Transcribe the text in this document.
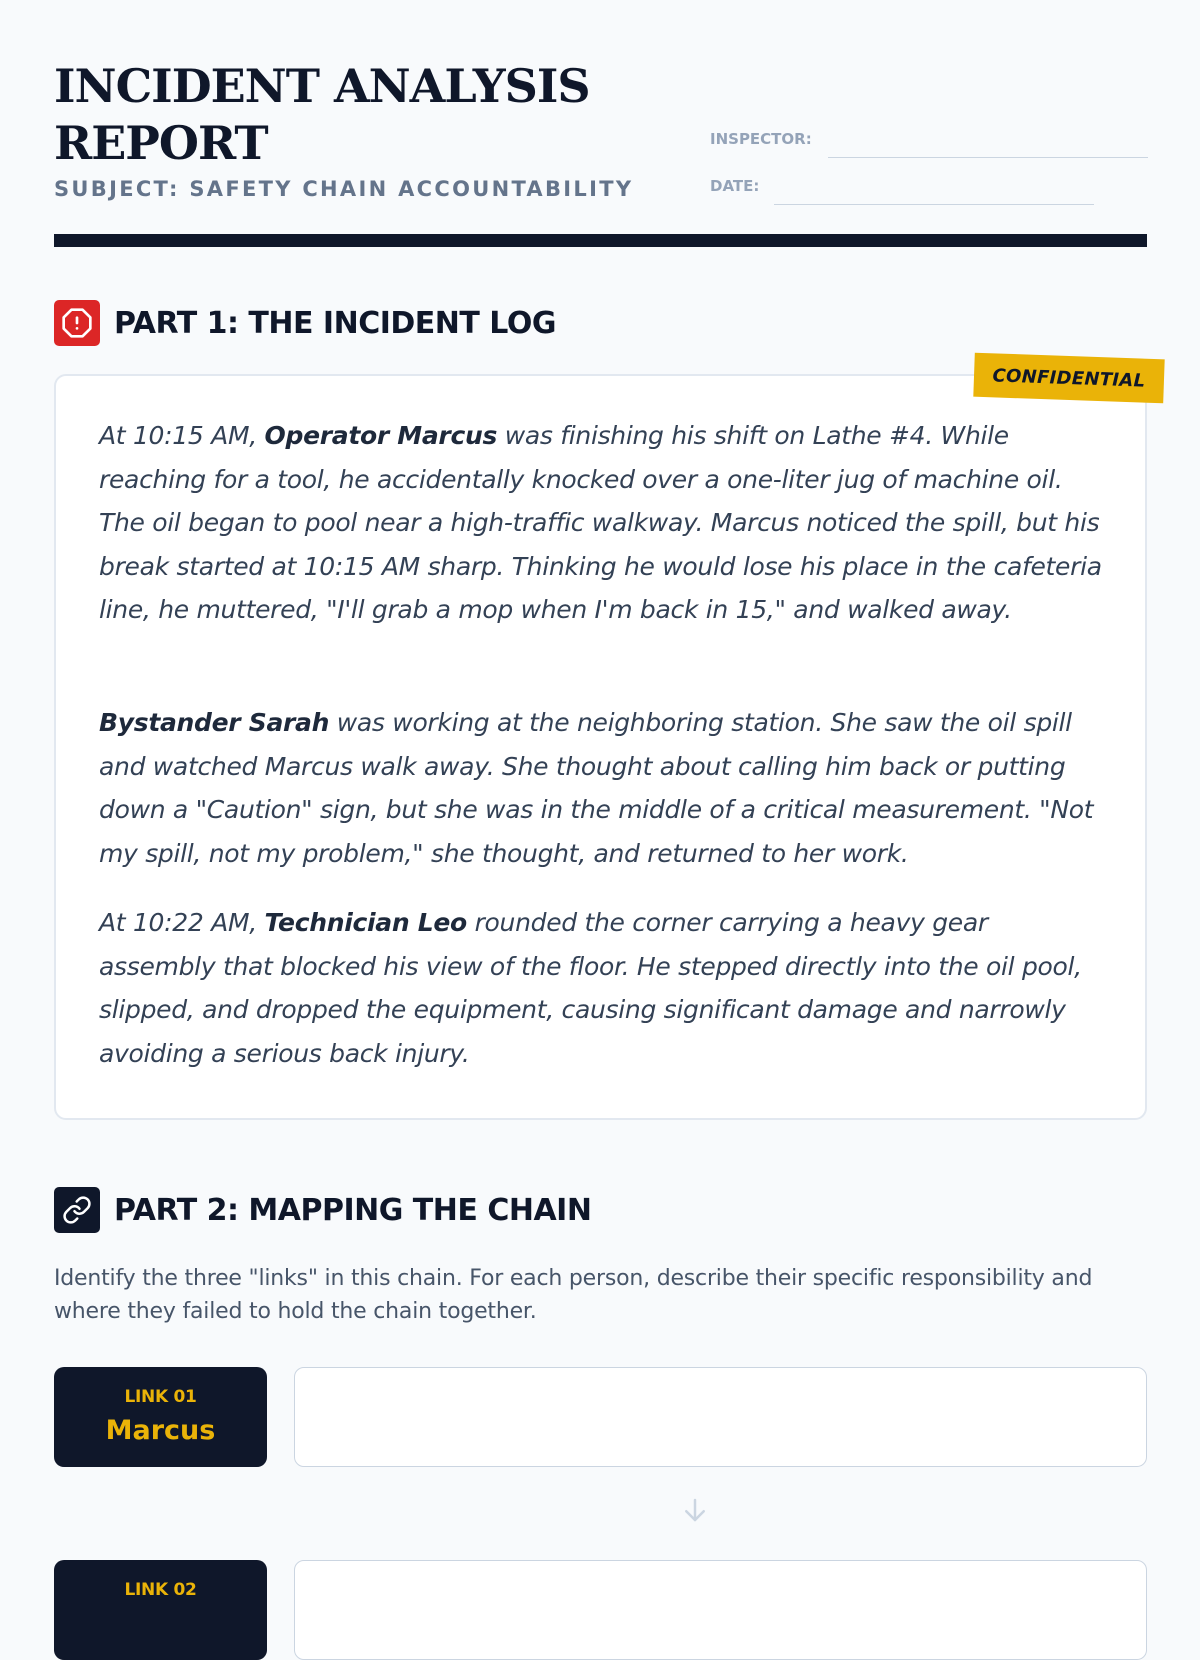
INCIDENT ANALYSIS
REPORT
SUBJECT: SAFETY CHAIN ACCOUNTABILITY
INSPECTOR:
DATE:
PART 1: THE INCIDENT LOG
CONFIDENTIAL

At 10:15 AM, Operator Marcus was finishing his shift on Lathe #4. While reaching for a tool, he accidentally knocked over a one-liter jug of machine oil. The oil began to pool near a high-traffic walkway. Marcus noticed the spill, but his break started at 10:15 AM sharp. Thinking he would lose his place in the cafeteria line, he muttered, "I'll grab a mop when I'm back in 15," and walked away.

Bystander Sarah was working at the neighboring station. She saw the oil spill and watched Marcus walk away. She thought about calling him back or putting down a "Caution" sign, but she was in the middle of a critical measurement. "Not my spill, not my problem," she thought, and returned to her work.

At 10:22 AM, Technician Leo rounded the corner carrying a heavy gear assembly that blocked his view of the floor. He stepped directly into the oil pool, slipped, and dropped the equipment, causing significant damage and narrowly avoiding a serious back injury.

PART 2: MAPPING THE CHAIN

Identify the three "links" in this chain. For each person, describe their specific responsibility and where they failed to hold the chain together.

LINK 01
Marcus
LINK 02
